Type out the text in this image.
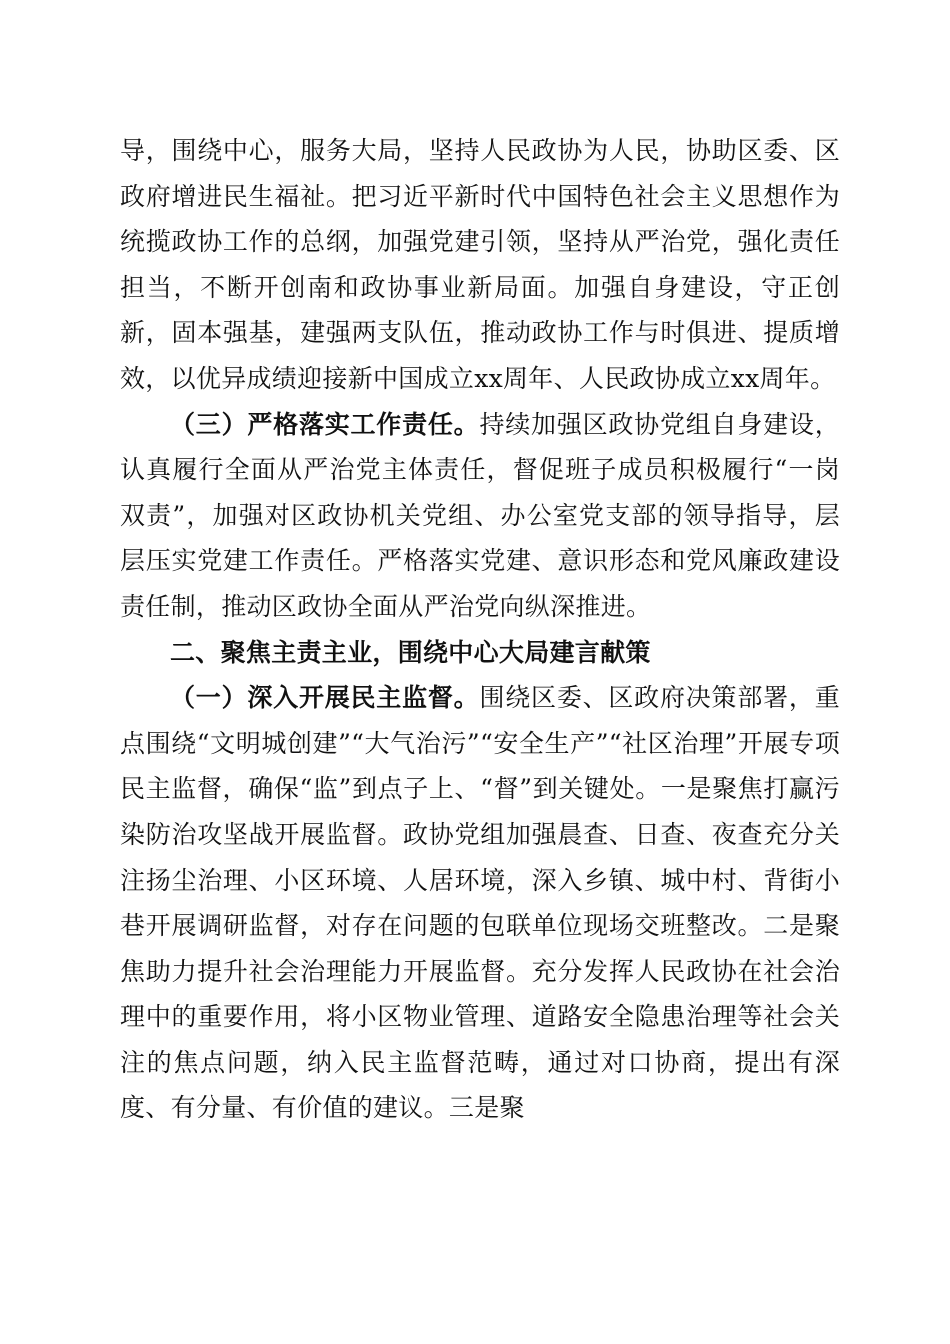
导，围绕中心，服务大局，坚持人民政协为人民，协助区委、区政府增进民生福祉。把习近平新时代中国特色社会主义思想作为统揽政协工作的总纲，加强党建引领，坚持从严治党，强化责任担当，不断开创南和政协事业新局面。加强自身建设，守正创新，固本强基，建强两支队伍，推动政协工作与时俱进、提质增效，以优异成绩迎接新中国成立xx周年、人民政协成立xx周年。

（三）严格落实工作责任。持续加强区政协党组自身建设，认真履行全面从严治党主体责任，督促班子成员积极履行“一岗双责”，加强对区政协机关党组、办公室党支部的领导指导，层层压实党建工作责任。严格落实党建、意识形态和党风廉政建设责任制，推动区政协全面从严治党向纵深推进。

二、聚焦主责主业，围绕中心大局建言献策

（一）深入开展民主监督。围绕区委、区政府决策部署，重点围绕“文明城创建”“大气治污”“安全生产”“社区治理”开展专项民主监督，确保“监”到点子上、“督”到关键处。一是聚焦打赢污染防治攻坚战开展监督。政协党组加强晨查、日查、夜查充分关注扬尘治理、小区环境、人居环境，深入乡镇、城中村、背街小巷开展调研监督，对存在问题的包联单位现场交班整改。二是聚焦助力提升社会治理能力开展监督。充分发挥人民政协在社会治理中的重要作用，将小区物业管理、道路安全隐患治理等社会关注的焦点问题，纳入民主监督范畴，通过对口协商，提出有深度、有分量、有价值的建议。三是聚
